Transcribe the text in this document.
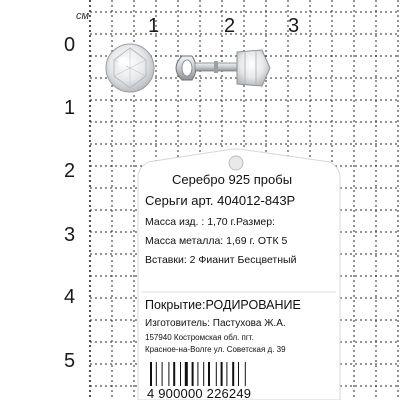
см	1	2	3
0
1
2
3
4
5
Серебро 925 пробы
Серьги арт. 404012-843Р
Масса изд. : 1,70 г.Размер:
Масса металла: 1,69 г. ОТК 5
Вставки: 2 Фианит Бесцветный
Покрытие:РОДИРОВАНИЕ
Изготовитель: Пастухова Ж.А.
157940 Костромская обл. пгт.
Красное-на-Волге ул. Советская д. 39
4 900000 226249
